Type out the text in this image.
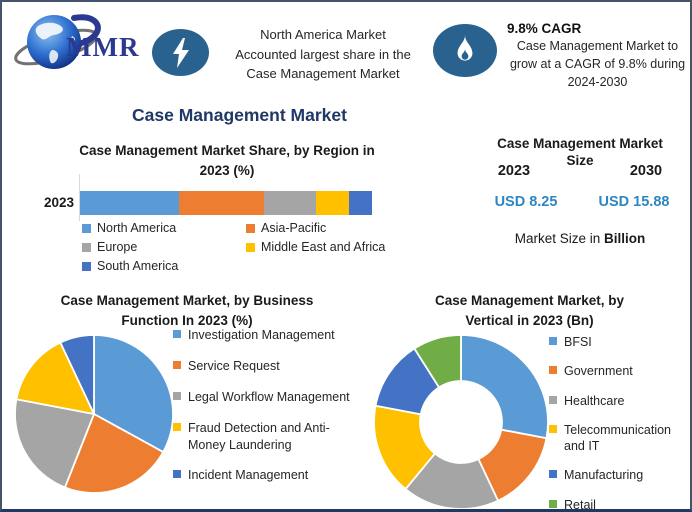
MMR	North America Market
Accounted largest share in the
Case Management Market
9.8% CAGR
Case Management Market to
grow at a CAGR of 9.8% during
2024-2030
Case Management Market
Case Management Market Share, by Region in
2023 (%)
2023
North America	Asia-Pacific
Europe	Middle East and Africa
South America
Case Management Market
2023
Size
2030
USD 8.25	USD 15.88
Market Size in Billion
Case Management Market, by Business
Function In 2023 (%)
Investigation Management
Service Request
Legal Workflow Management
Fraud Detection and Anti-Money Laundering
Incident Management
Case Management Market, by
Vertical in 2023 (Bn)
BFSI
Government
Healthcare
Telecommunication and IT
Manufacturing
Retail
